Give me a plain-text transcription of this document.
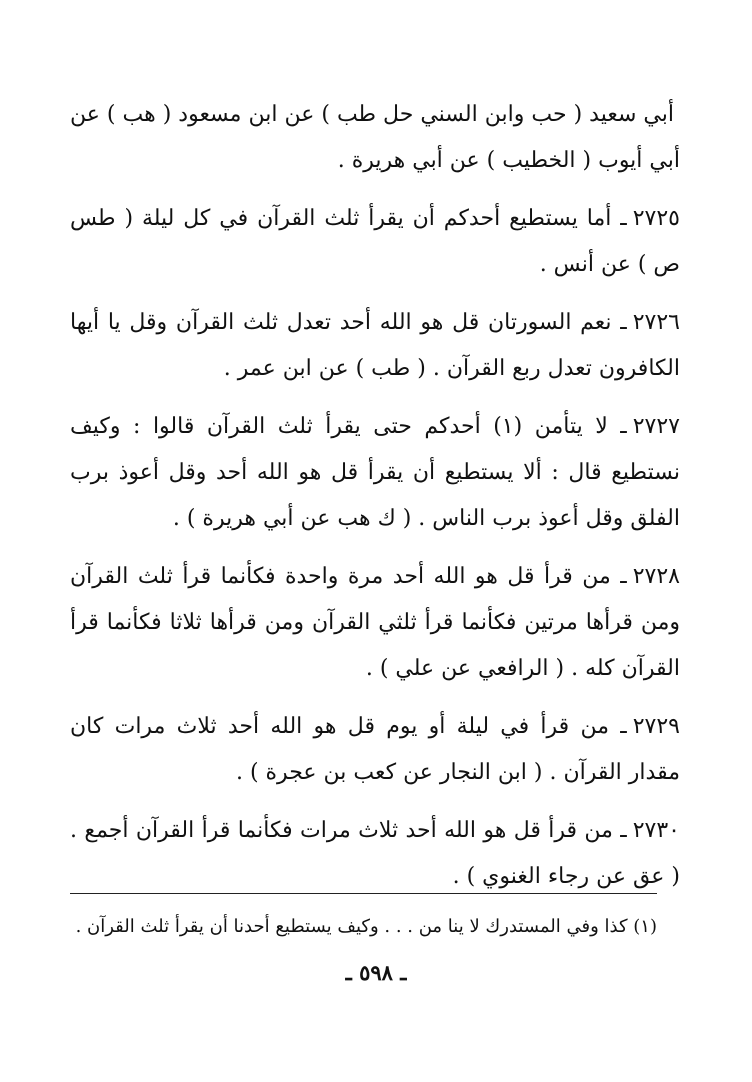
أبي سعيد ( حب وابن السني حل طب ) عن ابن مسعود ( هب ) عن أبي أيوب ( الخطيب ) عن أبي هريرة .

٢٧٢٥ـ أما يستطيع أحدكم أن يقرأ ثلث القرآن في كل ليلة ( طس ص ) عن أنس .

٢٧٢٦ـ نعم السورتان قل هو الله أحد تعدل ثلث القرآن وقل يا أيها الكافرون تعدل ربع القرآن . ( طب ) عن ابن عمر .

٢٧٢٧ـ لا يتأمن (١) أحدكم حتى يقرأ ثلث القرآن قالوا : وكيف نستطيع قال : ألا يستطيع أن يقرأ قل هو الله أحد وقل أعوذ برب الفلق وقل أعوذ برب الناس . ( ك هب عن أبي هريرة ) .

٢٧٢٨ـ من قرأ قل هو الله أحد مرة واحدة فكأنما قرأ ثلث القرآن ومن قرأها مرتين فكأنما قرأ ثلثي القرآن ومن قرأها ثلاثا فكأنما قرأ القرآن كله . ( الرافعي عن علي ) .

٢٧٢٩ـ من قرأ في ليلة أو يوم قل هو الله أحد ثلاث مرات كان مقدار القرآن . ( ابن النجار عن كعب بن عجرة ) .

٢٧٣٠ـ من قرأ قل هو الله أحد ثلاث مرات فكأنما قرأ القرآن أجمع . ( عق عن رجاء الغنوي ) .

(١) كذا وفي المستدرك لا ينا من . . . وكيف يستطيع أحدنا أن يقرأ ثلث القرآن .
ـ ٥٩٨ ـ
